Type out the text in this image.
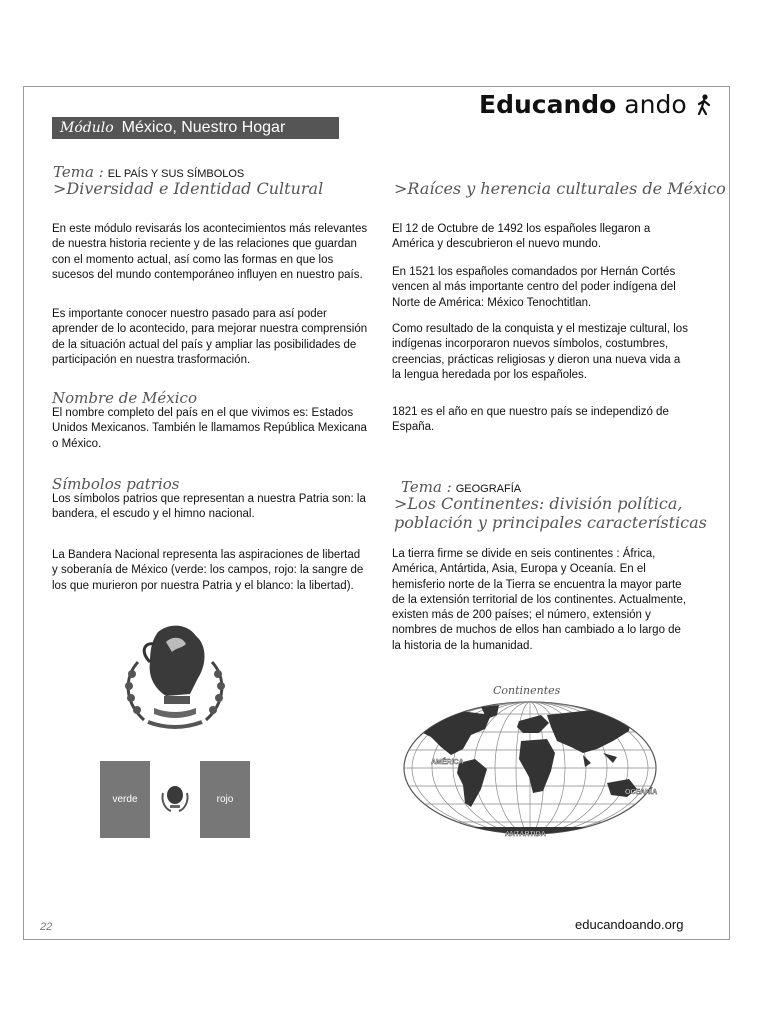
Educando ando
Módulo México, Nuestro Hogar
Tema : EL PAÍS Y SUS SÍMBOLOS
>Diversidad e Identidad Cultural

En este módulo revisarás los acontecimientos más relevantes de nuestra historia reciente y de las relaciones que guardan con el momento actual, así como las formas en que los sucesos del mundo contemporáneo influyen en nuestro país.

Es importante conocer nuestro pasado para así poder aprender de lo acontecido, para mejorar nuestra comprensión de la situación actual del país y ampliar las posibilidades de participación en nuestra trasformación.

Nombre de México

El nombre completo del país en el que vivimos es: Estados Unidos Mexicanos. También le llamamos República Mexicana o México.

Símbolos patrios

Los símbolos patrios que representan a nuestra Patria son: la bandera, el escudo y el himno nacional.

La Bandera Nacional representa las aspiraciones de libertad y soberanía de México (verde: los campos, rojo: la sangre de los que murieron por nuestra Patria y el blanco: la libertad).

verde	rojo
>Raíces y herencia culturales de México

El 12 de Octubre de 1492 los españoles llegaron a América y descubrieron el nuevo mundo.

En 1521 los españoles comandados por Hernán Cortés vencen al más importante centro del poder indígena del Norte de América: México Tenochtitlan.

Como resultado de la conquista y el mestizaje cultural, los indígenas incorporaron nuevos símbolos, costumbres, creencias, prácticas religiosas y dieron una nueva vida a la lengua heredada por los españoles.

1821 es el año en que nuestro país se independizó de España.

Tema : GEOGRAFÍA
>Los Continentes: división política,
población y principales características

La tierra firme se divide en seis continentes : África, América, Antártida, Asia, Europa y Oceanía. En el hemisferio norte de la Tierra se encuentra la mayor parte de la extensión territorial de los continentes. Actualmente, existen más de 200 países; el número, extensión y nombres de muchos de ellos han cambiado a lo largo de la historia de la humanidad.

Continentes
AMÉRICA
OCEANÍA
ANTÁRTIDA
22	educandoando.org
